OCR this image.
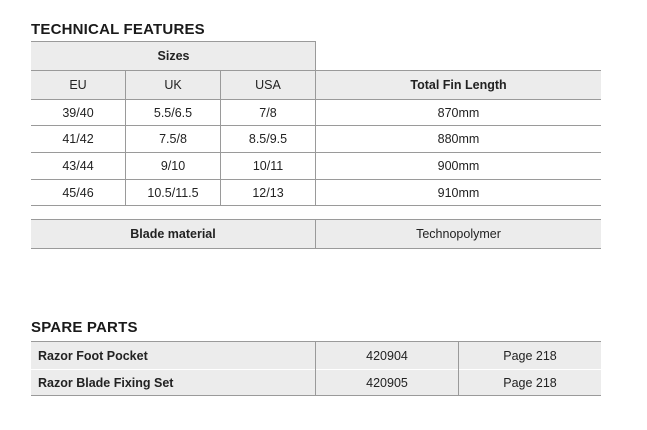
TECHNICAL FEATURES
Sizes
EU	UK	USA	Total Fin Length
39/40	5.5/6.5	7/8	870mm
41/42	7.5/8	8.5/9.5	880mm
43/44	9/10	10/11	900mm
45/46	10.5/11.5	12/13	910mm
Blade material	Technopolymer
SPARE PARTS
Razor Foot Pocket	420904	Page 218
Razor Blade Fixing Set	420905	Page 218
